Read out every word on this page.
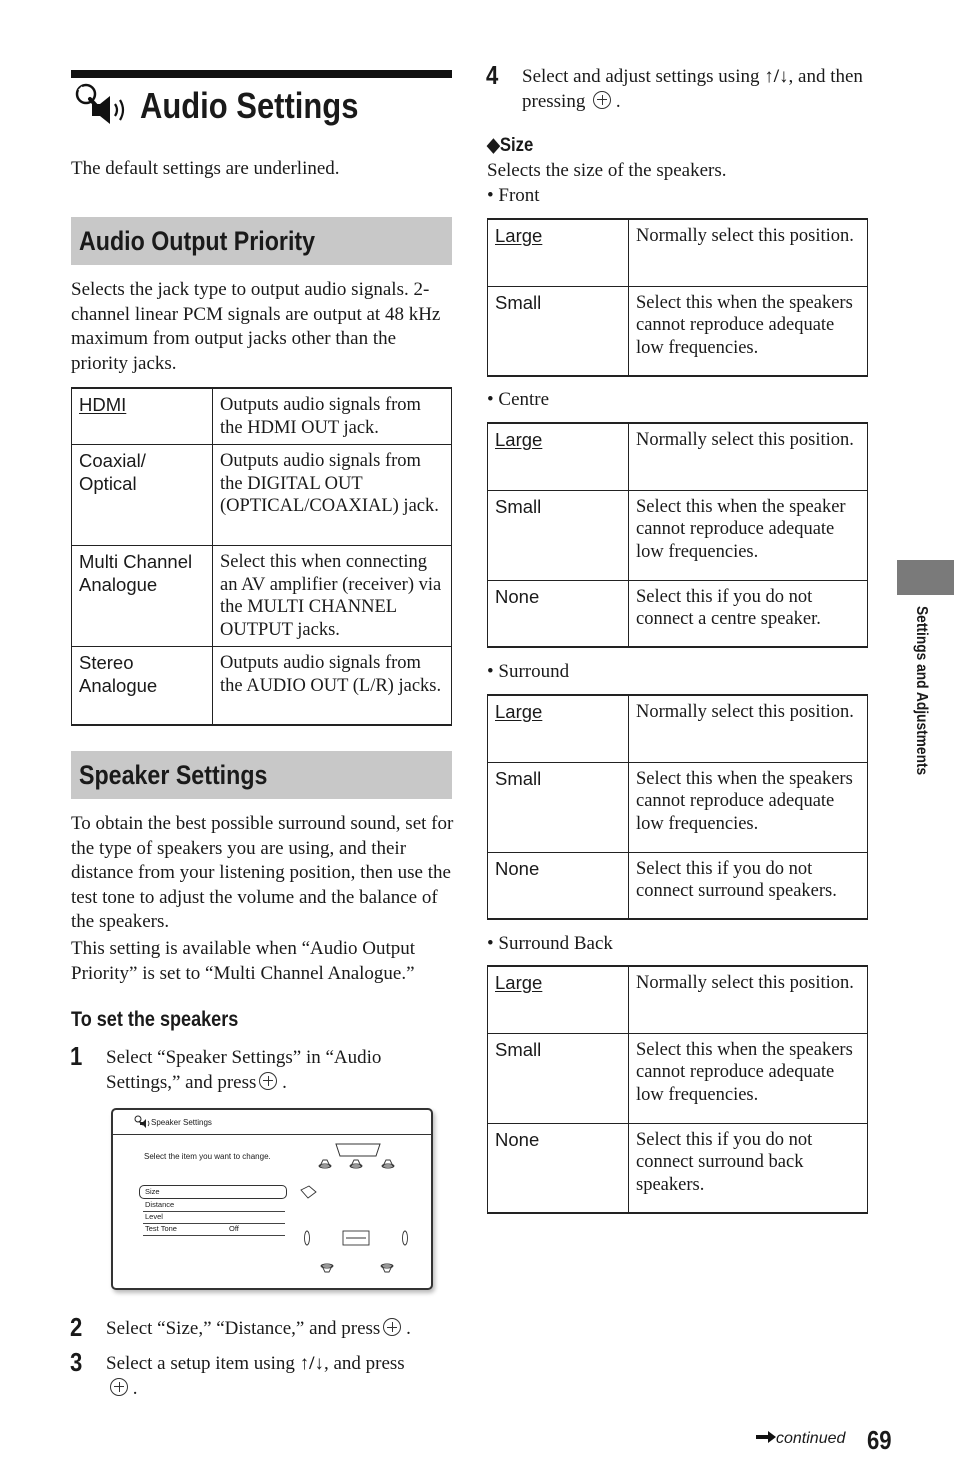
Audio Settings
The default settings are underlined.
Audio Output Priority
Selects the jack type to output audio signals. 2-channel linear PCM signals are output at 48 kHz maximum from output jacks other than the priority jacks.
HDMI	Outputs audio signals from the HDMI OUT jack.
Coaxial/ Optical	Outputs audio signals from the DIGITAL OUT (OPTICAL/COAXIAL) jack.
Multi Channel Analogue	Select this when connecting an AV amplifier (receiver) via the MULTI CHANNEL OUTPUT jacks.
Stereo Analogue	Outputs audio signals from the AUDIO OUT (L/R) jacks.
Speaker Settings
To obtain the best possible surround sound, set for the type of speakers you are using, and their distance from your listening position, then use the test tone to adjust the volume and the balance of the speakers.
This setting is available when “Audio Output Priority” is set to “Multi Channel Analogue.”
To set the speakers
1 Select “Speaker Settings” in “Audio Settings,” and press .
Speaker Settings
Select the item you want to change.
Size
Distance
Level
Test Tone	Off
2 Select “Size,” “Distance,” and press .
3 Select a setup item using ↑/↓, and press
.
4 Select and adjust settings using ↑/↓, and then pressing  .
◆Size
Selects the size of the speakers.
• Front
Large	Normally select this position.
Small	Select this when the speakers cannot reproduce adequate low frequencies.
• Centre
Large	Normally select this position.
Small	Select this when the speaker cannot reproduce adequate low frequencies.
None	Select this if you do not connect a centre speaker.
• Surround
Large	Normally select this position.
Small	Select this when the speakers cannot reproduce adequate low frequencies.
None	Select this if you do not connect surround speakers.
• Surround Back
Large	Normally select this position.
Small	Select this when the speakers cannot reproduce adequate low frequencies.
None	Select this if you do not connect surround back speakers.
Settings and Adjustments
continued 69
